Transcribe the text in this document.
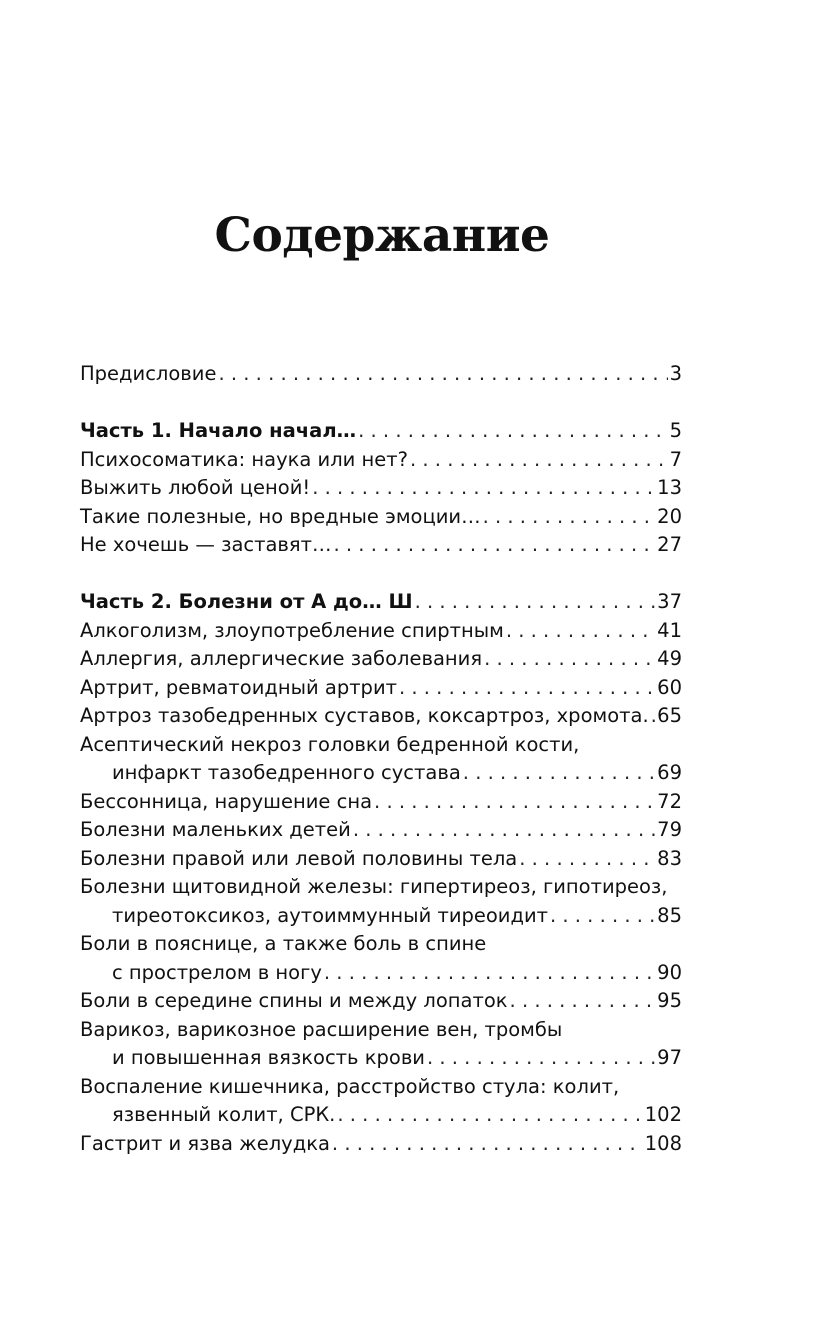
Содержание
Предисловие . . .	3
Часть 1. Начало начал… . . .	5
Психосоматика: наука или нет? . . .	7
Выжить любой ценой! . . .	13
Такие полезные, но вредные эмоции… . . .	20
Не хочешь — заставят… . . .	27
Часть 2. Болезни от А до… Ш . . .	37
Алкоголизм, злоупотребление спиртным . . .	41
Аллергия, аллергические заболевания . . .	49
Артрит, ревматоидный артрит . . .	60
Артроз тазобедренных суставов, коксартроз, хромота. . . . 65
Асептический некроз головки бедренной кости,
инфаркт тазобедренного сустава . . .	69
Бессонница, нарушение сна . . .	72
Болезни маленьких детей . . .	79
Болезни правой или левой половины тела . . .	83
Болезни щитовидной железы: гипертиреоз, гипотиреоз,
тиреотоксикоз, аутоиммунный тиреоидит . . .	85
Боли в пояснице, а также боль в спине
с прострелом в ногу . . .	90
Боли в середине спины и между лопаток . . .	95
Варикоз, варикозное расширение вен, тромбы
и повышенная вязкость крови . . .	97
Воспаление кишечника, расстройство стула: колит,
язвенный колит, СРК. . . .	102
Гастрит и язва желудка . . .	108
